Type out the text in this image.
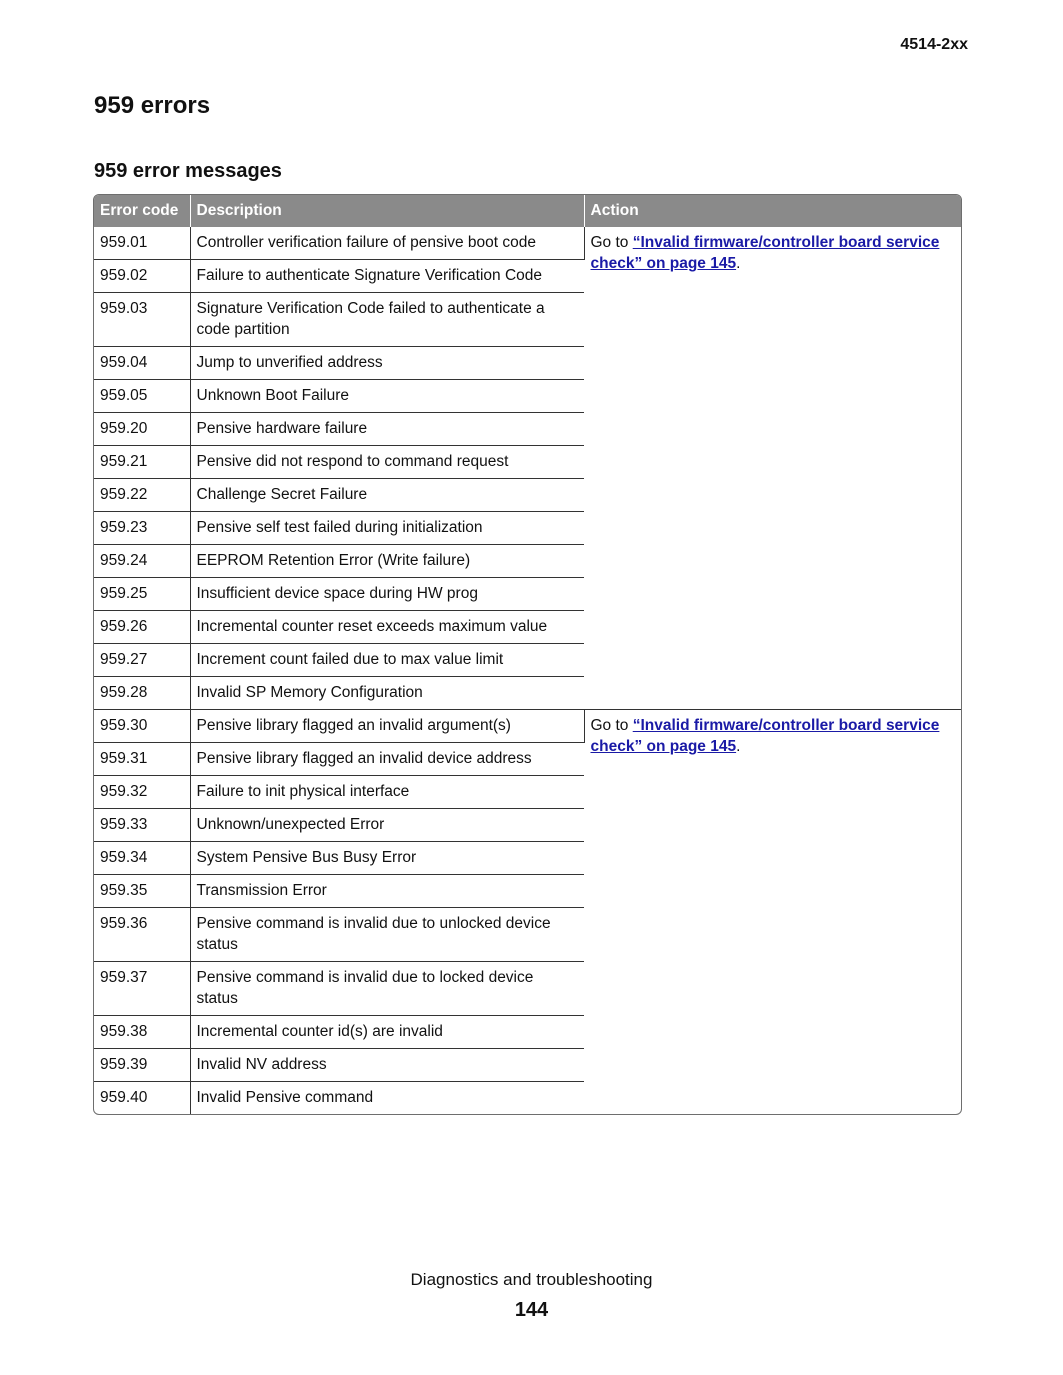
4514-2xx
959 errors
959 error messages
Error code	Description	Action
959.01	Controller verification failure of pensive boot code	Go to “Invalid firmware/controller board service check” on page 145.
959.02	Failure to authenticate Signature Verification Code	
959.03	Signature Verification Code failed to authenticate a code partition	
959.04	Jump to unverified address	
959.05	Unknown Boot Failure	
959.20	Pensive hardware failure	
959.21	Pensive did not respond to command request	
959.22	Challenge Secret Failure	
959.23	Pensive self test failed during initialization	
959.24	EEPROM Retention Error (Write failure)	
959.25	Insufficient device space during HW prog	
959.26	Incremental counter reset exceeds maximum value	
959.27	Increment count failed due to max value limit	
959.28	Invalid SP Memory Configuration	
959.30	Pensive library flagged an invalid argument(s)	Go to “Invalid firmware/controller board service check” on page 145.
959.31	Pensive library flagged an invalid device address	
959.32	Failure to init physical interface	
959.33	Unknown/unexpected Error	
959.34	System Pensive Bus Busy Error	
959.35	Transmission Error	
959.36	Pensive command is invalid due to unlocked device status	
959.37	Pensive command is invalid due to locked device status	
959.38	Incremental counter id(s) are invalid	
959.39	Invalid NV address	
959.40	Invalid Pensive command	
Diagnostics and troubleshooting
144
